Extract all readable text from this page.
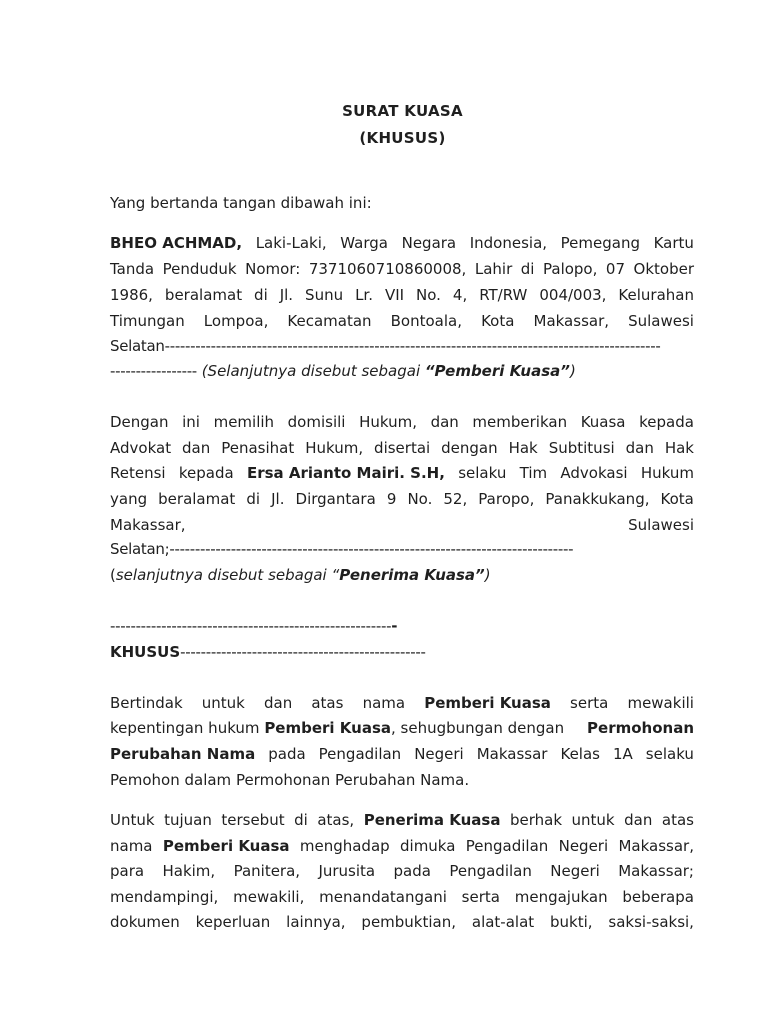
SURAT KUASA
(KHUSUS)
Yang bertanda tangan dibawah ini:
BHEO ACHMAD, Laki-Laki, Warga Negara Indonesia, Pemegang Kartu
Tanda Penduduk Nomor: 7371060710860008, Lahir di Palopo, 07 Oktober
1986, beralamat di Jl. Sunu Lr. VII No. 4, RT/RW 004/003, Kelurahan
Timungan Lompoa, Kecamatan Bontoala, Kota Makassar, Sulawesi
Selatan-------------------------------------------------------------------------------------------------
----------------- (Selanjutnya disebut sebagai “Pemberi Kuasa”)
Dengan ini memilih domisili Hukum, dan memberikan Kuasa kepada
Advokat dan Penasihat Hukum, disertai dengan Hak Subtitusi dan Hak
Retensi kepada Ersa Arianto Mairi. S.H, selaku Tim Advokasi Hukum
yang beralamat di Jl. Dirgantara 9 No. 52, Paropo, Panakkukang, Kota
Makassar,	Sulawesi
Selatan;-------------------------------------------------------------------------------
(selanjutnya disebut sebagai “Penerima Kuasa”)
--------------------------------------------------------
KHUSUS------------------------------------------------
Bertindak untuk dan atas nama Pemberi Kuasa serta mewakili
kepentingan hukum Pemberi Kuasa, sehugbungan dengan Permohonan
Perubahan Nama pada Pengadilan Negeri Makassar Kelas 1A selaku
Pemohon dalam Permohonan Perubahan Nama.
Untuk tujuan tersebut di atas, Penerima Kuasa berhak untuk dan atas
nama Pemberi Kuasa menghadap dimuka Pengadilan Negeri Makassar,
para Hakim, Panitera, Jurusita pada Pengadilan Negeri Makassar;
mendampingi, mewakili, menandatangani serta mengajukan beberapa
dokumen keperluan lainnya, pembuktian, alat-alat bukti, saksi-saksi,
